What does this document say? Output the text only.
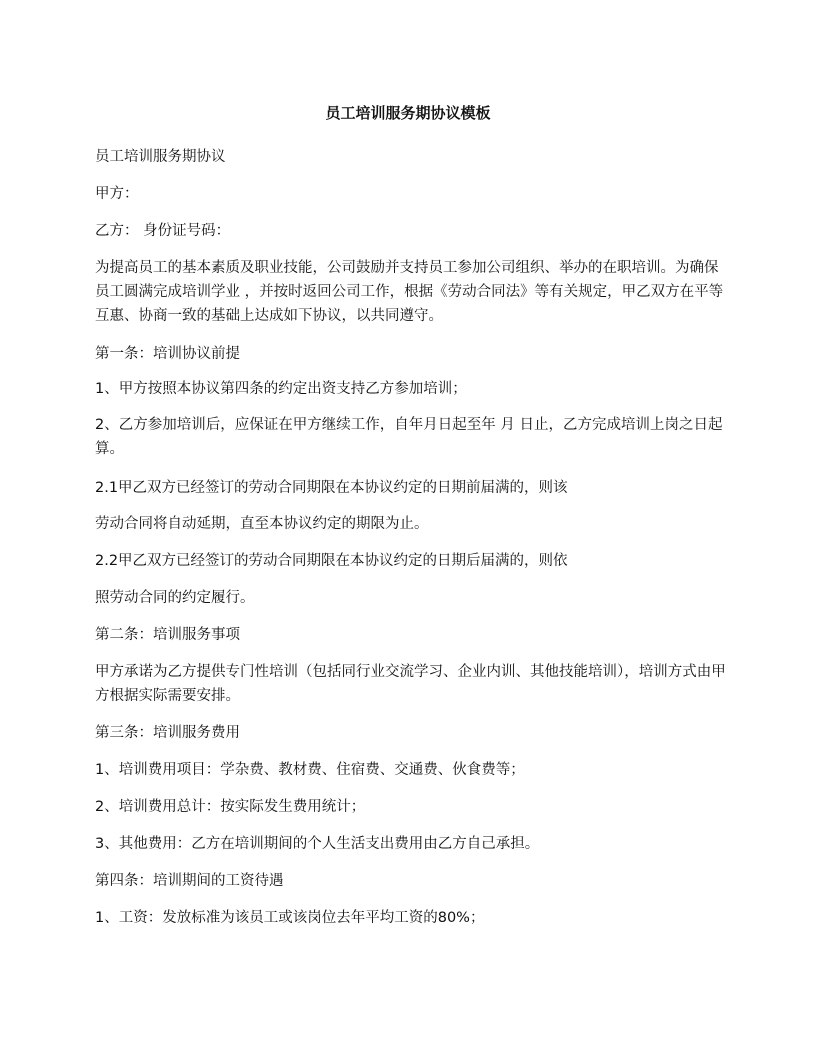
员工培训服务期协议模板

员工培训服务期协议

甲方：

乙方： 身份证号码：

为提高员工的基本素质及职业技能，公司鼓励并支持员工参加公司组织、举办的在职培训。为确保员工圆满完成培训学业 ，并按时返回公司工作，根据《劳动合同法》等有关规定，甲乙双方在平等互惠、协商一致的基础上达成如下协议，以共同遵守。

第一条：培训协议前提

1、甲方按照本协议第四条的约定出资支持乙方参加培训；

2、乙方参加培训后，应保证在甲方继续工作，自年月日起至年 月 日止，乙方完成培训上岗之日起算。

2.1甲乙双方已经签订的劳动合同期限在本协议约定的日期前届满的，则该

劳动合同将自动延期，直至本协议约定的期限为止。

2.2甲乙双方已经签订的劳动合同期限在本协议约定的日期后届满的，则依

照劳动合同的约定履行。

第二条：培训服务事项

甲方承诺为乙方提供专门性培训（包括同行业交流学习、企业内训、其他技能培训），培训方式由甲方根据实际需要安排。

第三条：培训服务费用

1、培训费用项目：学杂费、教材费、住宿费、交通费、伙食费等；

2、培训费用总计：按实际发生费用统计；

3、其他费用：乙方在培训期间的个人生活支出费用由乙方自己承担。

第四条：培训期间的工资待遇

1、工资：发放标准为该员工或该岗位去年平均工资的80%；
